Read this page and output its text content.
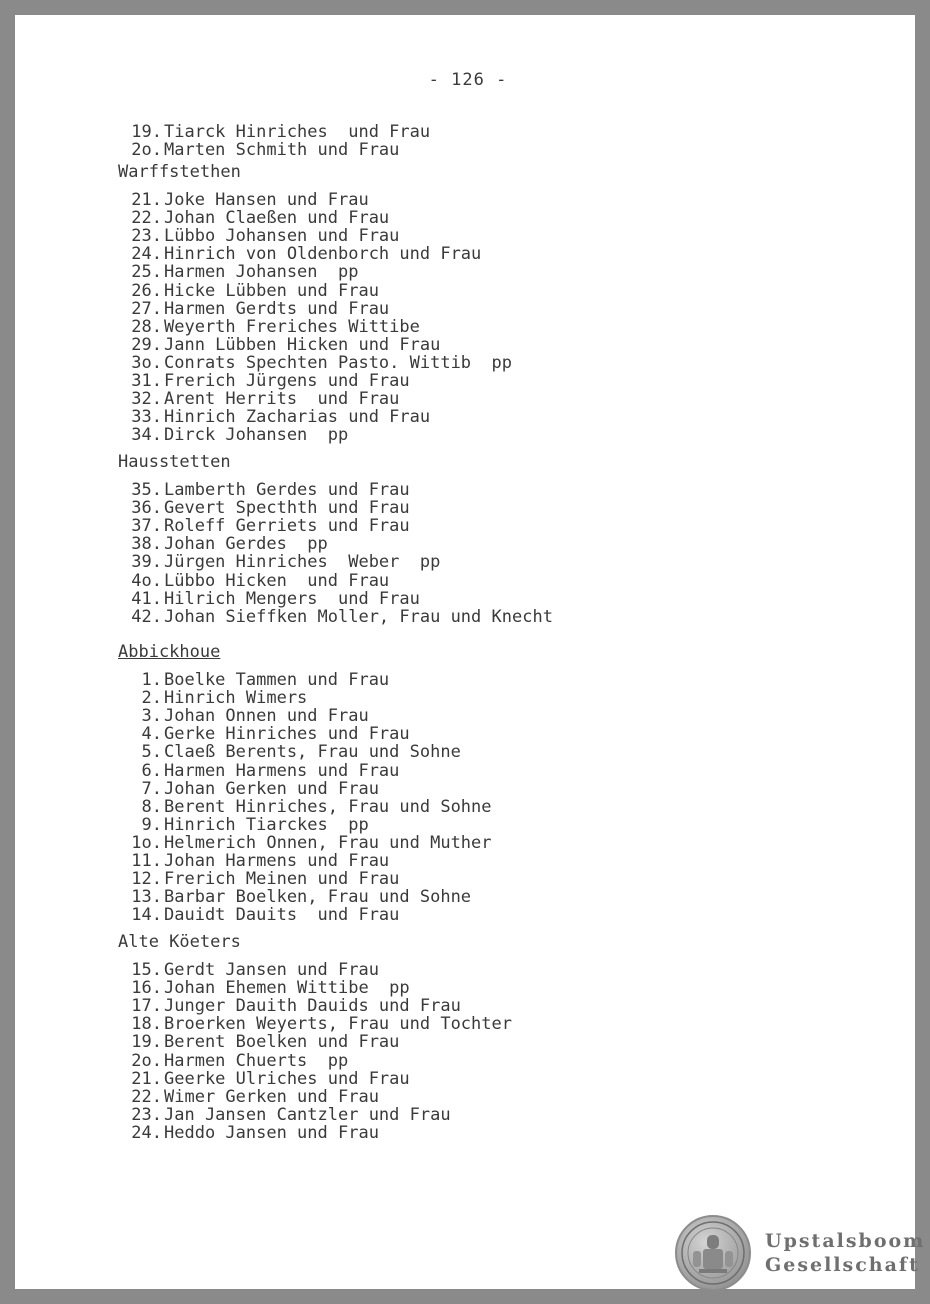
- 126 -
19. Tiarck Hinriches  und Frau
2o. Marten Schmith und Frau
Warffstethen
21. Joke Hansen und Frau
22. Johan Claeßen und Frau
23. Lübbo Johansen und Frau
24. Hinrich von Oldenborch und Frau
25. Harmen Johansen  pp
26. Hicke Lübben und Frau
27. Harmen Gerdts und Frau
28. Weyerth Freriches Wittibe
29. Jann Lübben Hicken und Frau
3o. Conrats Spechten Pasto. Wittib  pp
31. Frerich Jürgens und Frau
32. Arent Herrits  und Frau
33. Hinrich Zacharias und Frau
34. Dirck Johansen  pp
Hausstetten
35. Lamberth Gerdes und Frau
36. Gevert Specthth und Frau
37. Roleff Gerriets und Frau
38. Johan Gerdes  pp
39. Jürgen Hinriches  Weber  pp
4o. Lübbo Hicken  und Frau
41. Hilrich Mengers  und Frau
42. Johan Sieffken Moller, Frau und Knecht
Abbickhoue
1. Boelke Tammen und Frau
2. Hinrich Wimers
3. Johan Onnen und Frau
4. Gerke Hinriches und Frau
5. Claeß Berents, Frau und Sohne
6. Harmen Harmens und Frau
7. Johan Gerken und Frau
8. Berent Hinriches, Frau und Sohne
9. Hinrich Tiarckes  pp
1o. Helmerich Onnen, Frau und Muther
11. Johan Harmens und Frau
12. Frerich Meinen und Frau
13. Barbar Boelken, Frau und Sohne
14. Dauidt Dauits  und Frau
Alte Köeters
15. Gerdt Jansen und Frau
16. Johan Ehemen Wittibe  pp
17. Junger Dauith Dauids und Frau
18. Broerken Weyerts, Frau und Tochter
19. Berent Boelken und Frau
2o. Harmen Chuerts  pp
21. Geerke Ulriches und Frau
22. Wimer Gerken und Frau
23. Jan Jansen Cantzler und Frau
24. Heddo Jansen und Frau
Upstalsboom
Gesellschaft
